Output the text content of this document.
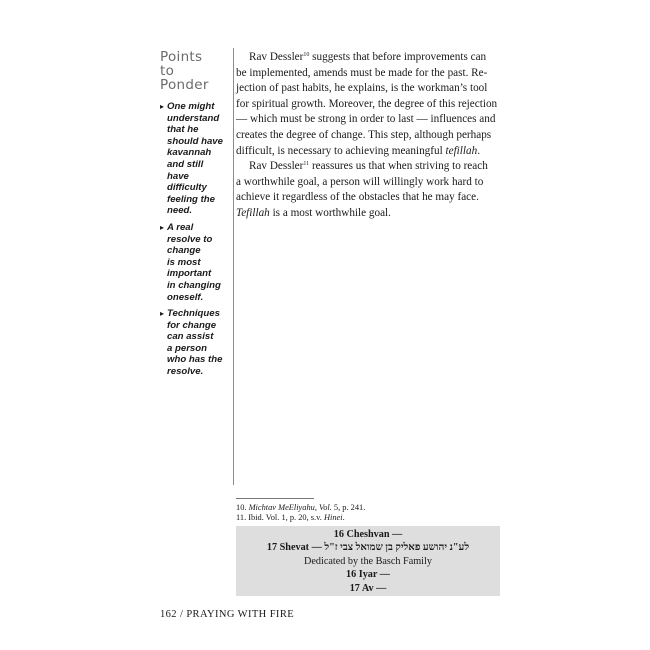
Points
to
Ponder
▸ One might
understand
that he
should have
kavannah
and still
have
difficulty
feeling the
need.
▸ A real
resolve to
change
is most
important
in changing
oneself.
▸ Techniques
for change
can assist
a person
who has the
resolve.

Rav Dessler$^{10}$ suggests that before improvements can
be implemented, amends must be made for the past. Re-
jection of past habits, he explains, is the workman’s tool
for spiritual growth. Moreover, the degree of this rejection
— which must be strong in order to last — influences and
creates the degree of change. This step, although perhaps
difficult, is necessary to achieving meaningful tefillah.

Rav Dessler$^{11}$ reassures us that when striving to reach
a worthwhile goal, a person will willingly work hard to
achieve it regardless of the obstacles that he may face.
Tefillah is a most worthwhile goal.

10. Michtav MeEliyahu, Vol. 5, p. 241.
11. Ibid. Vol. 1, p. 20, s.v. Hinei.
16 Cheshvan —
17 Shevat — לע"נ יהושע פאליק בן שמואל צבי ז"ל
Dedicated by the Basch Family
16 Iyar —
17 Av —
162 / PRAYING WITH FIRE
